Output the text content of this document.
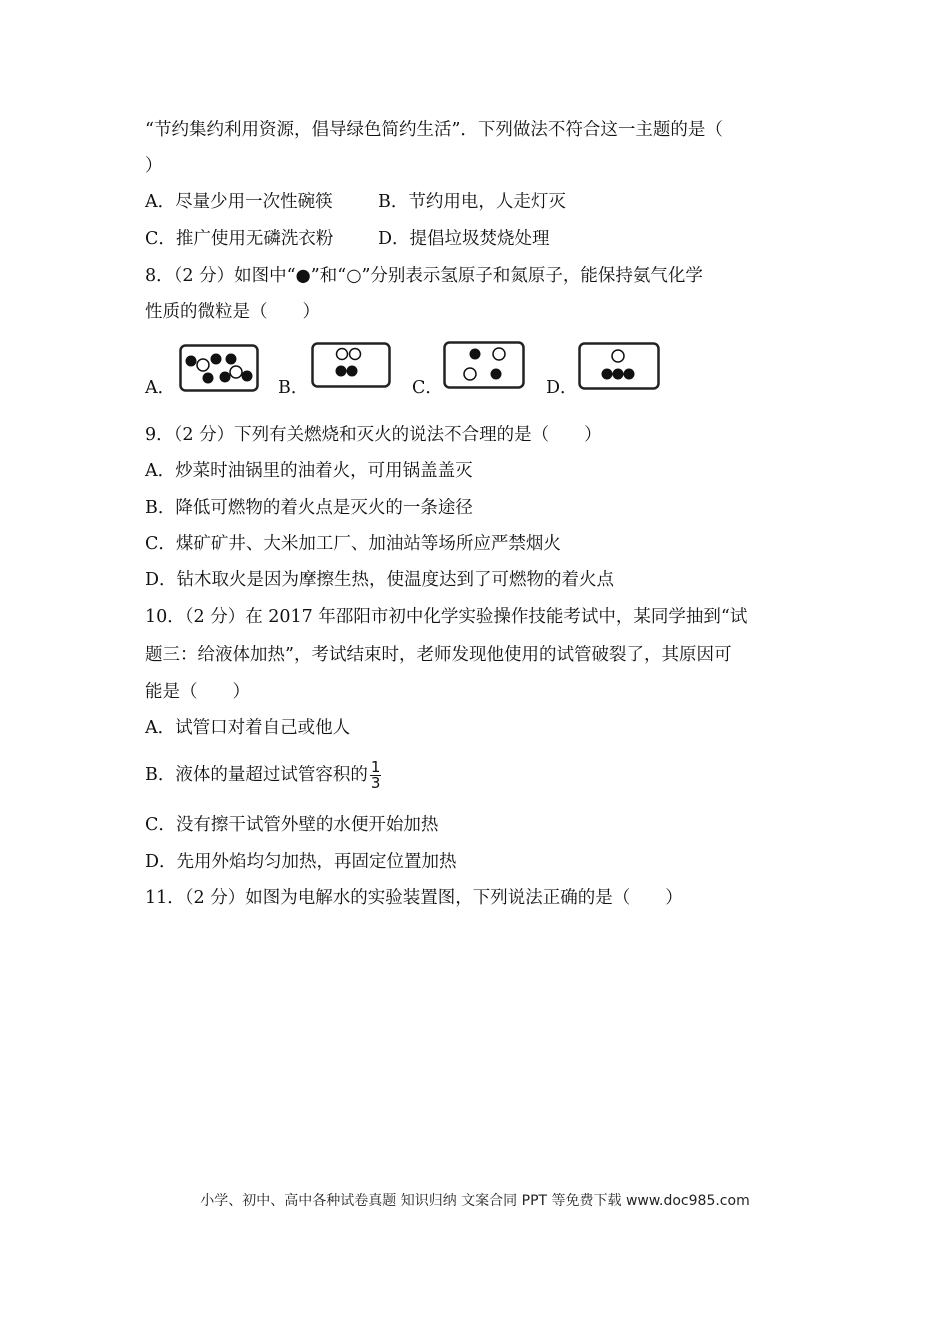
“节约集约利用资源，倡导绿色简约生活”．下列做法不符合这一主题的是（
）
A．尽量少用一次性碗筷	B．节约用电，人走灯灭
C．推广使用无磷洗衣粉	D．提倡垃圾焚烧处理
8．（2 分）如图中“●”和“○”分别表示氢原子和氮原子，能保持氨气化学
性质的微粒是（　　）
A．	B．	C．	D．
9．（2 分）下列有关燃烧和灭火的说法不合理的是（　　）
A．炒菜时油锅里的油着火，可用锅盖盖灭
B．降低可燃物的着火点是灭火的一条途径
C．煤矿矿井、大米加工厂、加油站等场所应严禁烟火
D．钻木取火是因为摩擦生热，使温度达到了可燃物的着火点
10．（2 分）在 2017 年邵阳市初中化学实验操作技能考试中，某同学抽到“试
题三：给液体加热”，考试结束时，老师发现他使用的试管破裂了，其原因可
能是（　　）
A．试管口对着自己或他人
B．液体的量超过试管容积的 $\frac{1}{3}$
C．没有擦干试管外壁的水便开始加热
D．先用外焰均匀加热，再固定位置加热
11．（2 分）如图为电解水的实验装置图，下列说法正确的是（　　）
小学、初中、高中各种试卷真题 知识归纳 文案合同 PPT 等免费下载 www.doc985.com
